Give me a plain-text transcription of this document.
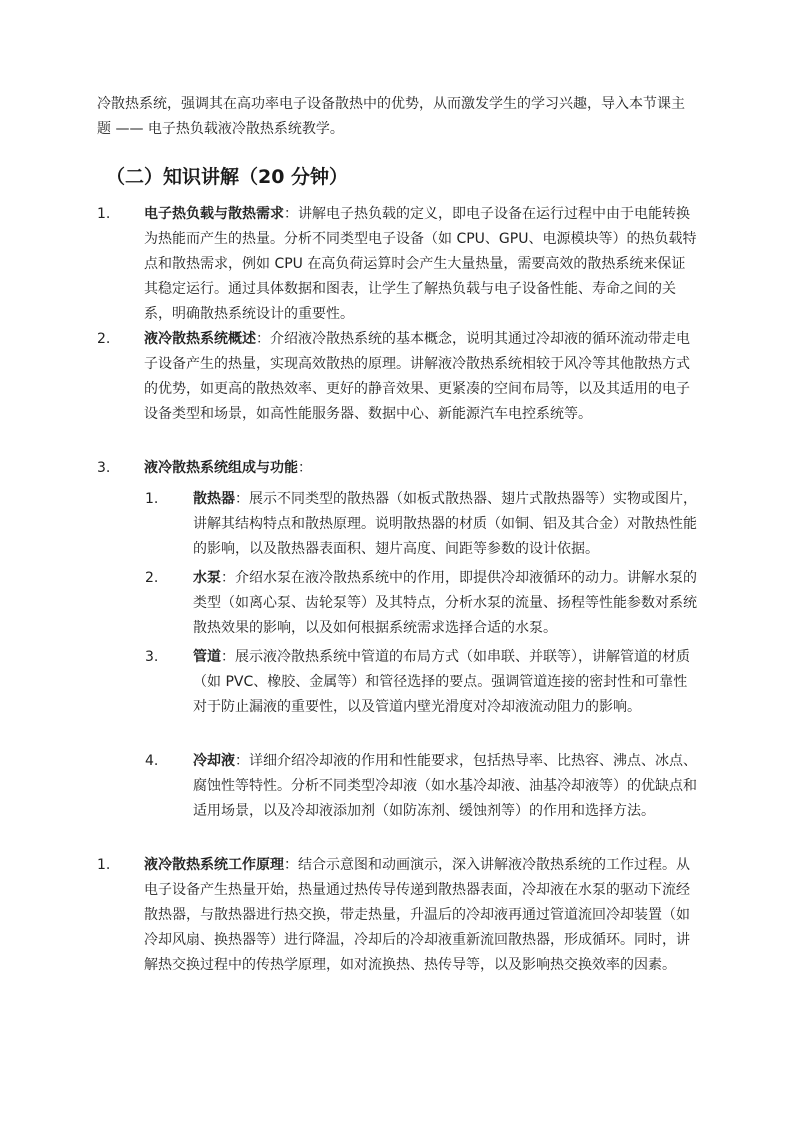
冷散热系统，强调其在高功率电子设备散热中的优势，从而激发学生的学习兴趣，导入本节课主题 —— 电子热负载液冷散热系统教学。

（二）知识讲解（20 分钟）
1. 电子热负载与散热需求：讲解电子热负载的定义，即电子设备在运行过程中由于电能转换为热能而产生的热量。分析不同类型电子设备（如 CPU、GPU、电源模块等）的热负载特点和散热需求，例如 CPU 在高负荷运算时会产生大量热量，需要高效的散热系统来保证其稳定运行。通过具体数据和图表，让学生了解热负载与电子设备性能、寿命之间的关系，明确散热系统设计的重要性。
2. 液冷散热系统概述：介绍液冷散热系统的基本概念，说明其通过冷却液的循环流动带走电子设备产生的热量，实现高效散热的原理。讲解液冷散热系统相较于风冷等其他散热方式的优势，如更高的散热效率、更好的静音效果、更紧凑的空间布局等，以及其适用的电子设备类型和场景，如高性能服务器、数据中心、新能源汽车电控系统等。
3. 液冷散热系统组成与功能：
1. 散热器：展示不同类型的散热器（如板式散热器、翅片式散热器等）实物或图片，讲解其结构特点和散热原理。说明散热器的材质（如铜、铝及其合金）对散热性能的影响，以及散热器表面积、翅片高度、间距等参数的设计依据。
2. 水泵：介绍水泵在液冷散热系统中的作用，即提供冷却液循环的动力。讲解水泵的类型（如离心泵、齿轮泵等）及其特点，分析水泵的流量、扬程等性能参数对系统散热效果的影响，以及如何根据系统需求选择合适的水泵。
3. 管道：展示液冷散热系统中管道的布局方式（如串联、并联等），讲解管道的材质（如 PVC、橡胶、金属等）和管径选择的要点。强调管道连接的密封性和可靠性对于防止漏液的重要性，以及管道内壁光滑度对冷却液流动阻力的影响。
4. 冷却液：详细介绍冷却液的作用和性能要求，包括热导率、比热容、沸点、冰点、腐蚀性等特性。分析不同类型冷却液（如水基冷却液、油基冷却液等）的优缺点和适用场景，以及冷却液添加剂（如防冻剂、缓蚀剂等）的作用和选择方法。
1. 液冷散热系统工作原理：结合示意图和动画演示，深入讲解液冷散热系统的工作过程。从电子设备产生热量开始，热量通过热传导传递到散热器表面，冷却液在水泵的驱动下流经散热器，与散热器进行热交换，带走热量，升温后的冷却液再通过管道流回冷却装置（如冷却风扇、换热器等）进行降温，冷却后的冷却液重新流回散热器，形成循环。同时，讲解热交换过程中的传热学原理，如对流换热、热传导等，以及影响热交换效率的因素。
